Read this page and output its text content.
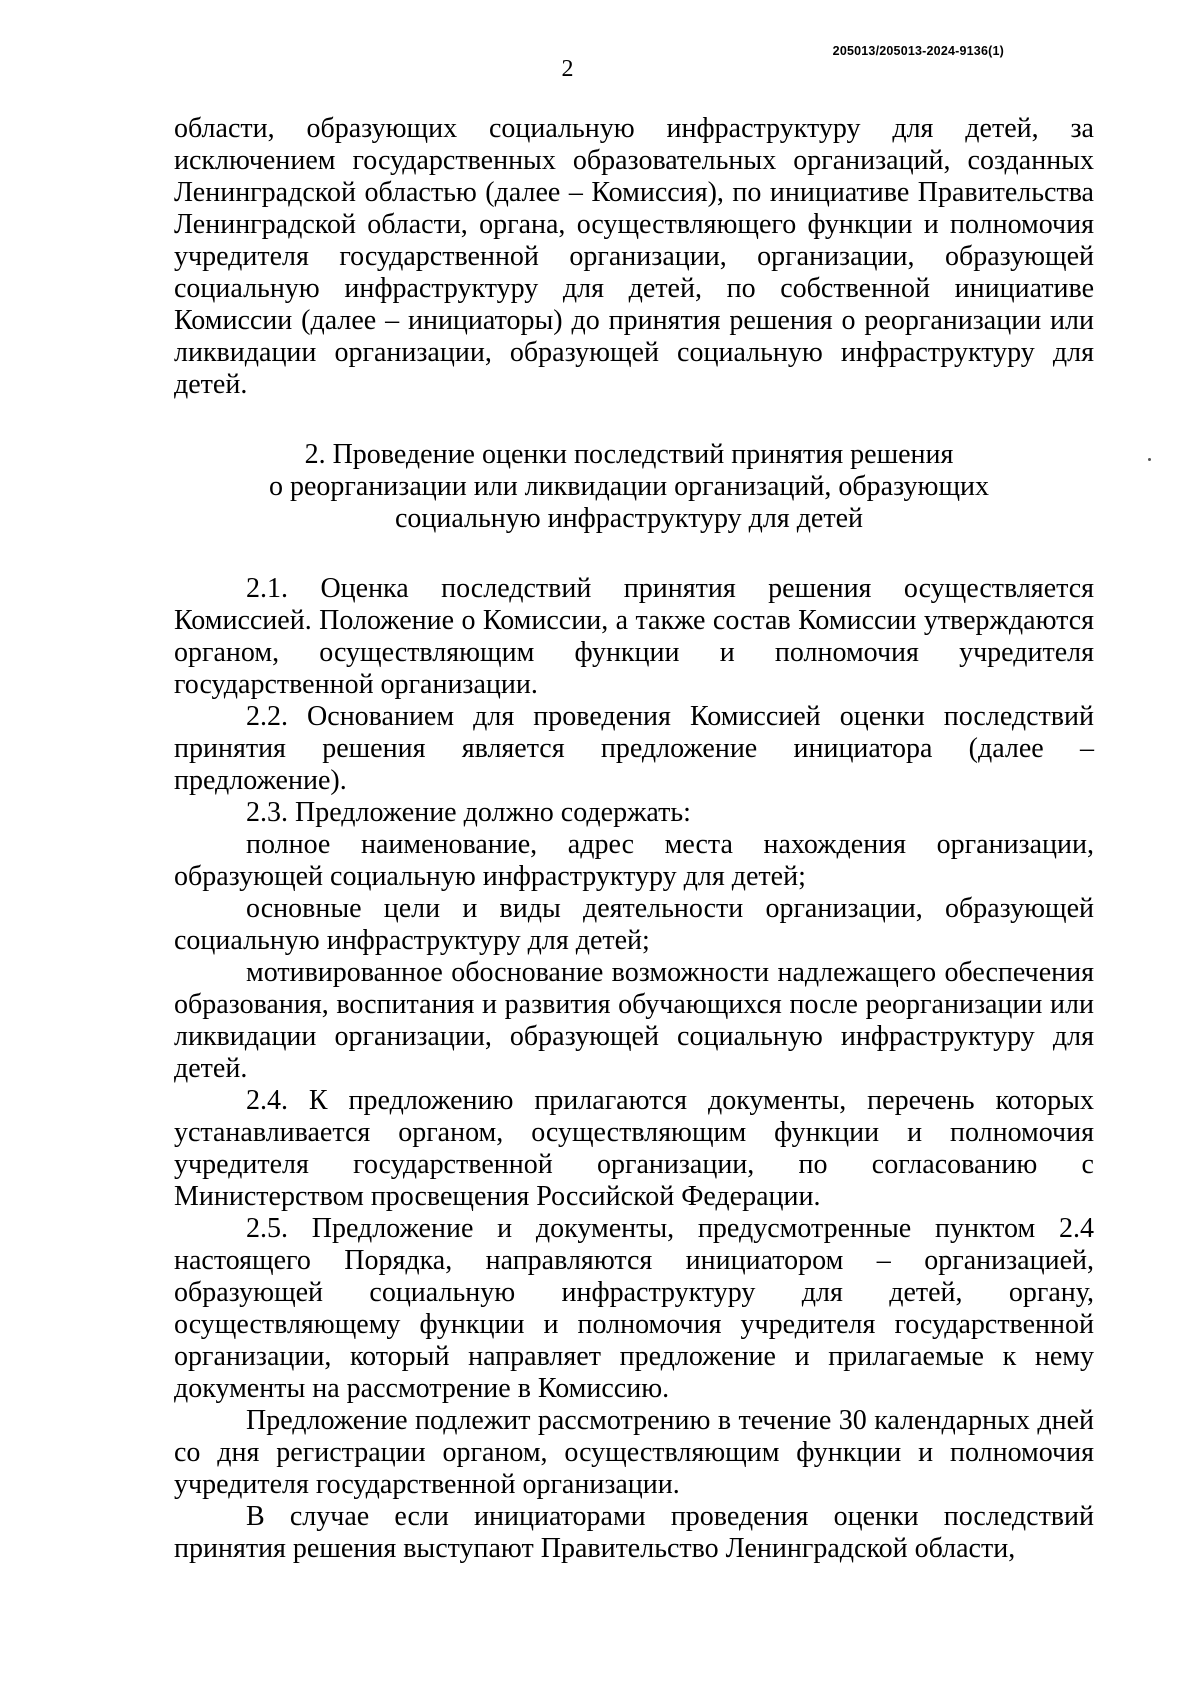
205013/205013-2024-9136(1)
2

области, образующих социальную инфраструктуру для детей, за исключением государственных образовательных организаций, созданных Ленинградской областью (далее – Комиссия), по инициативе Правительства Ленинградской области, органа, осуществляющего функции и полномочия учредителя государственной организации, организации, образующей социальную инфраструктуру для детей, по собственной инициативе Комиссии (далее – инициаторы) до принятия решения о реорганизации или ликвидации организации, образующей социальную инфраструктуру для детей.

2. Проведение оценки последствий принятия решения
о реорганизации или ликвидации организаций, образующих
социальную инфраструктуру для детей

2.1. Оценка последствий принятия решения осуществляется Комиссией. Положение о Комиссии, а также состав Комиссии утверждаются органом, осуществляющим функции и полномочия учредителя государственной организации.

2.2. Основанием для проведения Комиссией оценки последствий принятия решения является предложение инициатора (далее – предложение).

2.3. Предложение должно содержать:

полное наименование, адрес места нахождения организации, образующей социальную инфраструктуру для детей;

основные цели и виды деятельности организации, образующей социальную инфраструктуру для детей;

мотивированное обоснование возможности надлежащего обеспечения образования, воспитания и развития обучающихся после реорганизации или ликвидации организации, образующей социальную инфраструктуру для детей.

2.4. К предложению прилагаются документы, перечень которых устанавливается органом, осуществляющим функции и полномочия учредителя государственной организации, по согласованию с Министерством просвещения Российской Федерации.

2.5. Предложение и документы, предусмотренные пунктом 2.4 настоящего Порядка, направляются инициатором – организацией, образующей социальную инфраструктуру для детей, органу, осуществляющему функции и полномочия учредителя государственной организации, который направляет предложение и прилагаемые к нему документы на рассмотрение в Комиссию.

Предложение подлежит рассмотрению в течение 30 календарных дней со дня регистрации органом, осуществляющим функции и полномочия учредителя государственной организации.

В случае если инициаторами проведения оценки последствий принятия решения выступают Правительство Ленинградской области,
